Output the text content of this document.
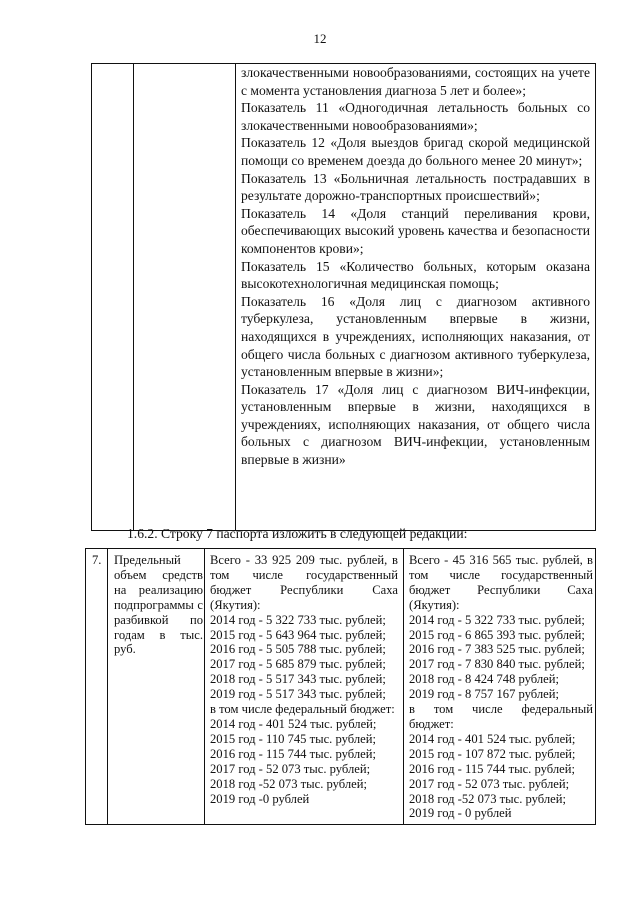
12

злокачественными новообразованиями, состоящих на учете с момента установления диагноза 5 лет и более»;

Показатель 11 «Одногодичная летальность больных со злокачественными новообразованиями»;

Показатель 12 «Доля выездов бригад скорой медицинской помощи со временем доезда до больного менее 20 минут»;

Показатель 13 «Больничная летальность пострадавших в результате дорожно-транспортных происшествий»;

Показатель 14 «Доля станций переливания крови, обеспечивающих высокий уровень качества и безопасности компонентов крови»;

Показатель 15 «Количество больных, которым оказана высокотехнологичная медицинская помощь;

Показатель 16 «Доля лиц с диагнозом активного туберкулеза, установленным впервые в жизни, находящихся в учреждениях, исполняющих наказания, от общего числа больных с диагнозом активного туберкулеза, установленным впервые в жизни»;

Показатель 17 «Доля лиц с диагнозом ВИЧ-инфекции, установленным впервые в жизни, находящихся в учреждениях, исполняющих наказания, от общего числа больных с диагнозом ВИЧ-инфекции, установленным впервые в жизни»

1.6.2. Строку 7 паспорта изложить в следующей редакции:
7. Предельный объем средств на реализацию подпрограммы с разбивкой по годам в тыс. руб.
Всего - 33 925 209 тыс. рублей, в том числе государственный бюджет Республики Саха (Якутия):
2014 год - 5 322 733 тыс. рублей;
2015 год - 5 643 964 тыс. рублей;
2016 год - 5 505 788 тыс. рублей;
2017 год - 5 685 879 тыс. рублей;
2018 год - 5 517 343 тыс. рублей;
2019 год - 5 517 343 тыс. рублей;
в том числе федеральный бюджет:
2014 год - 401 524 тыс. рублей;
2015 год - 110 745 тыс. рублей;
2016 год - 115 744 тыс. рублей;
2017 год - 52 073 тыс. рублей;
2018 год -52 073 тыс. рублей;
2019 год -0 рублей
Всего - 45 316 565 тыс. рублей, в том числе государственный бюджет Республики Саха (Якутия):
2014 год - 5 322 733 тыс. рублей;
2015 год - 6 865 393 тыс. рублей;
2016 год - 7 383 525 тыс. рублей;
2017 год - 7 830 840 тыс. рублей;
2018 год - 8 424 748 рублей;
2019 год - 8 757 167 рублей;
в том числе федеральный бюджет:
2014 год - 401 524 тыс. рублей;
2015 год - 107 872 тыс. рублей;
2016 год - 115 744 тыс. рублей;
2017 год - 52 073 тыс. рублей;
2018 год -52 073 тыс. рублей;
2019 год - 0 рублей
